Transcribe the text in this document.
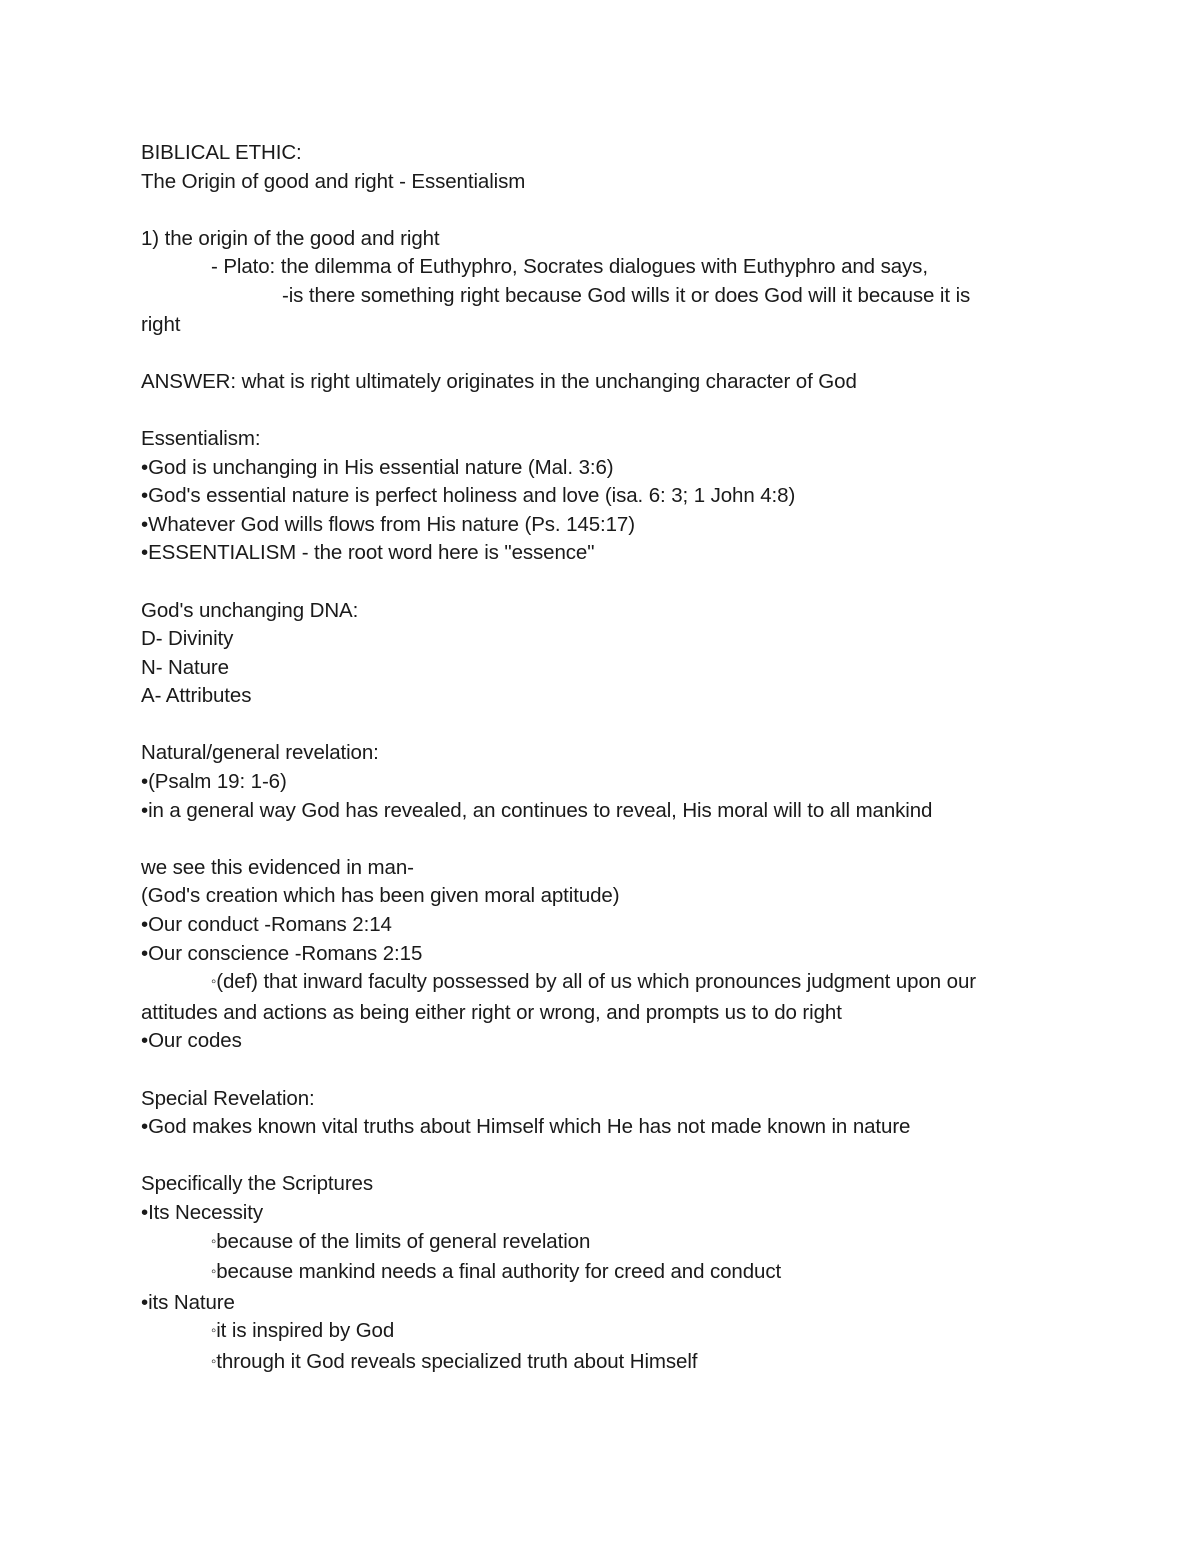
BIBLICAL ETHIC:
The Origin of good and right - Essentialism
1) the origin of the good and right
- Plato: the dilemma of Euthyphro, Socrates dialogues with Euthyphro and says,
-is there something right because God wills it or does God will it because it is
right
ANSWER: what is right ultimately originates in the unchanging character of God
Essentialism:
• God is unchanging in His essential nature (Mal. 3:6)
• God's essential nature is perfect holiness and love (isa. 6: 3; 1 John 4:8)
• Whatever God wills flows from His nature (Ps. 145:17)
• ESSENTIALISM - the root word here is "essence"
God's unchanging DNA:
D- Divinity
N- Nature
A- Attributes
Natural/general revelation:
• (Psalm 19: 1-6)
• in a general way God has revealed, an continues to reveal, His moral will to all mankind
we see this evidenced in man-
(God's creation which has been given moral aptitude)
• Our conduct -Romans 2:14
• Our conscience -Romans 2:15
◦ (def) that inward faculty possessed by all of us which pronounces judgment upon our
attitudes and actions as being either right or wrong, and prompts us to do right
• Our codes
Special Revelation:
• God makes known vital truths about Himself which He has not made known in nature
Specifically the Scriptures
• Its Necessity
◦ because of the limits of general revelation
◦ because mankind needs a final authority for creed and conduct
• its Nature
◦ it is inspired by God
◦ through it God reveals specialized truth about Himself
